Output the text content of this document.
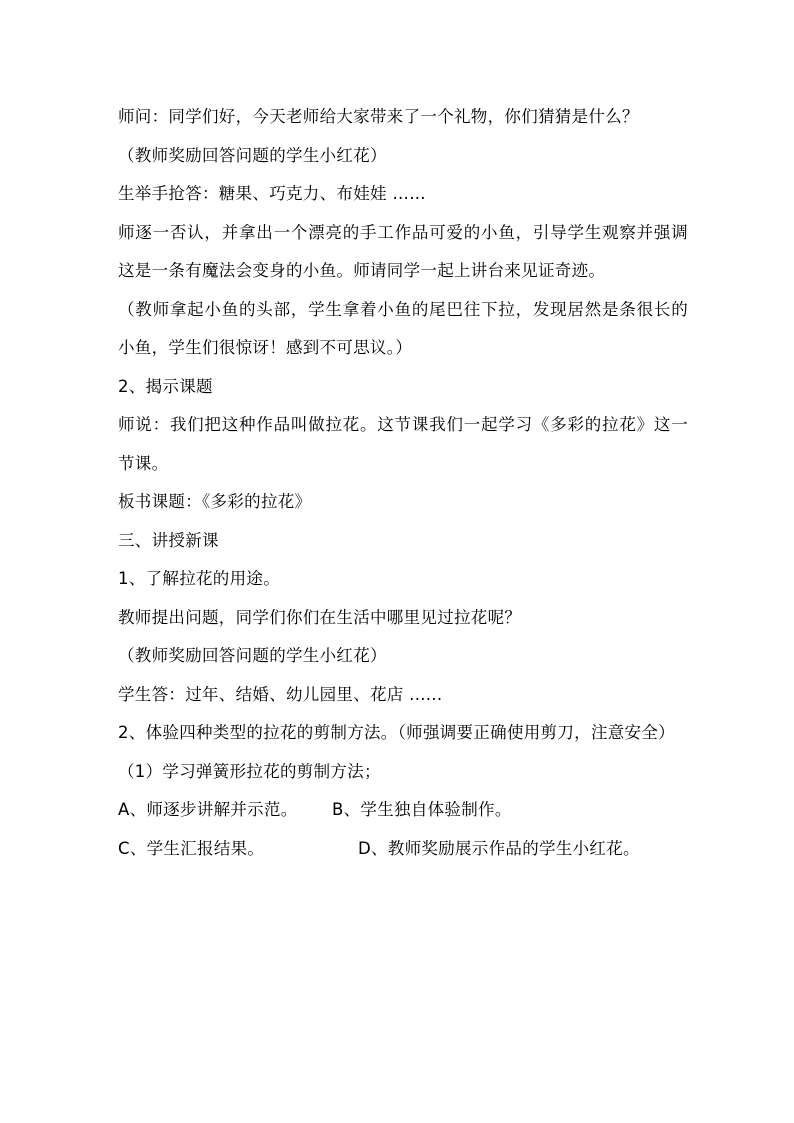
师问：同学们好，今天老师给大家带来了一个礼物，你们猜猜是什么？

（教师奖励回答问题的学生小红花）

生举手抢答：糖果、巧克力、布娃娃 ……

师逐一否认，并拿出一个漂亮的手工作品可爱的小鱼，引导学生观察并强调这是一条有魔法会变身的小鱼。师请同学一起上讲台来见证奇迹。

（教师拿起小鱼的头部，学生拿着小鱼的尾巴往下拉，发现居然是条很长的小鱼，学生们很惊讶！感到不可思议。）

2、揭示课题

师说：我们把这种作品叫做拉花。这节课我们一起学习《多彩的拉花》这一节课。

板书课题：《多彩的拉花》

三、讲授新课

1、了解拉花的用途。

教师提出问题，同学们你们在生活中哪里见过拉花呢？

（教师奖励回答问题的学生小红花）

学生答：过年、结婚、幼儿园里、花店 ......

2、体验四种类型的拉花的剪制方法。（师强调要正确使用剪刀，注意安全）

（1）学习弹簧形拉花的剪制方法；

A、师逐步讲解并示范。 B、学生独自体验制作。

C、学生汇报结果。	D、教师奖励展示作品的学生小红花。
